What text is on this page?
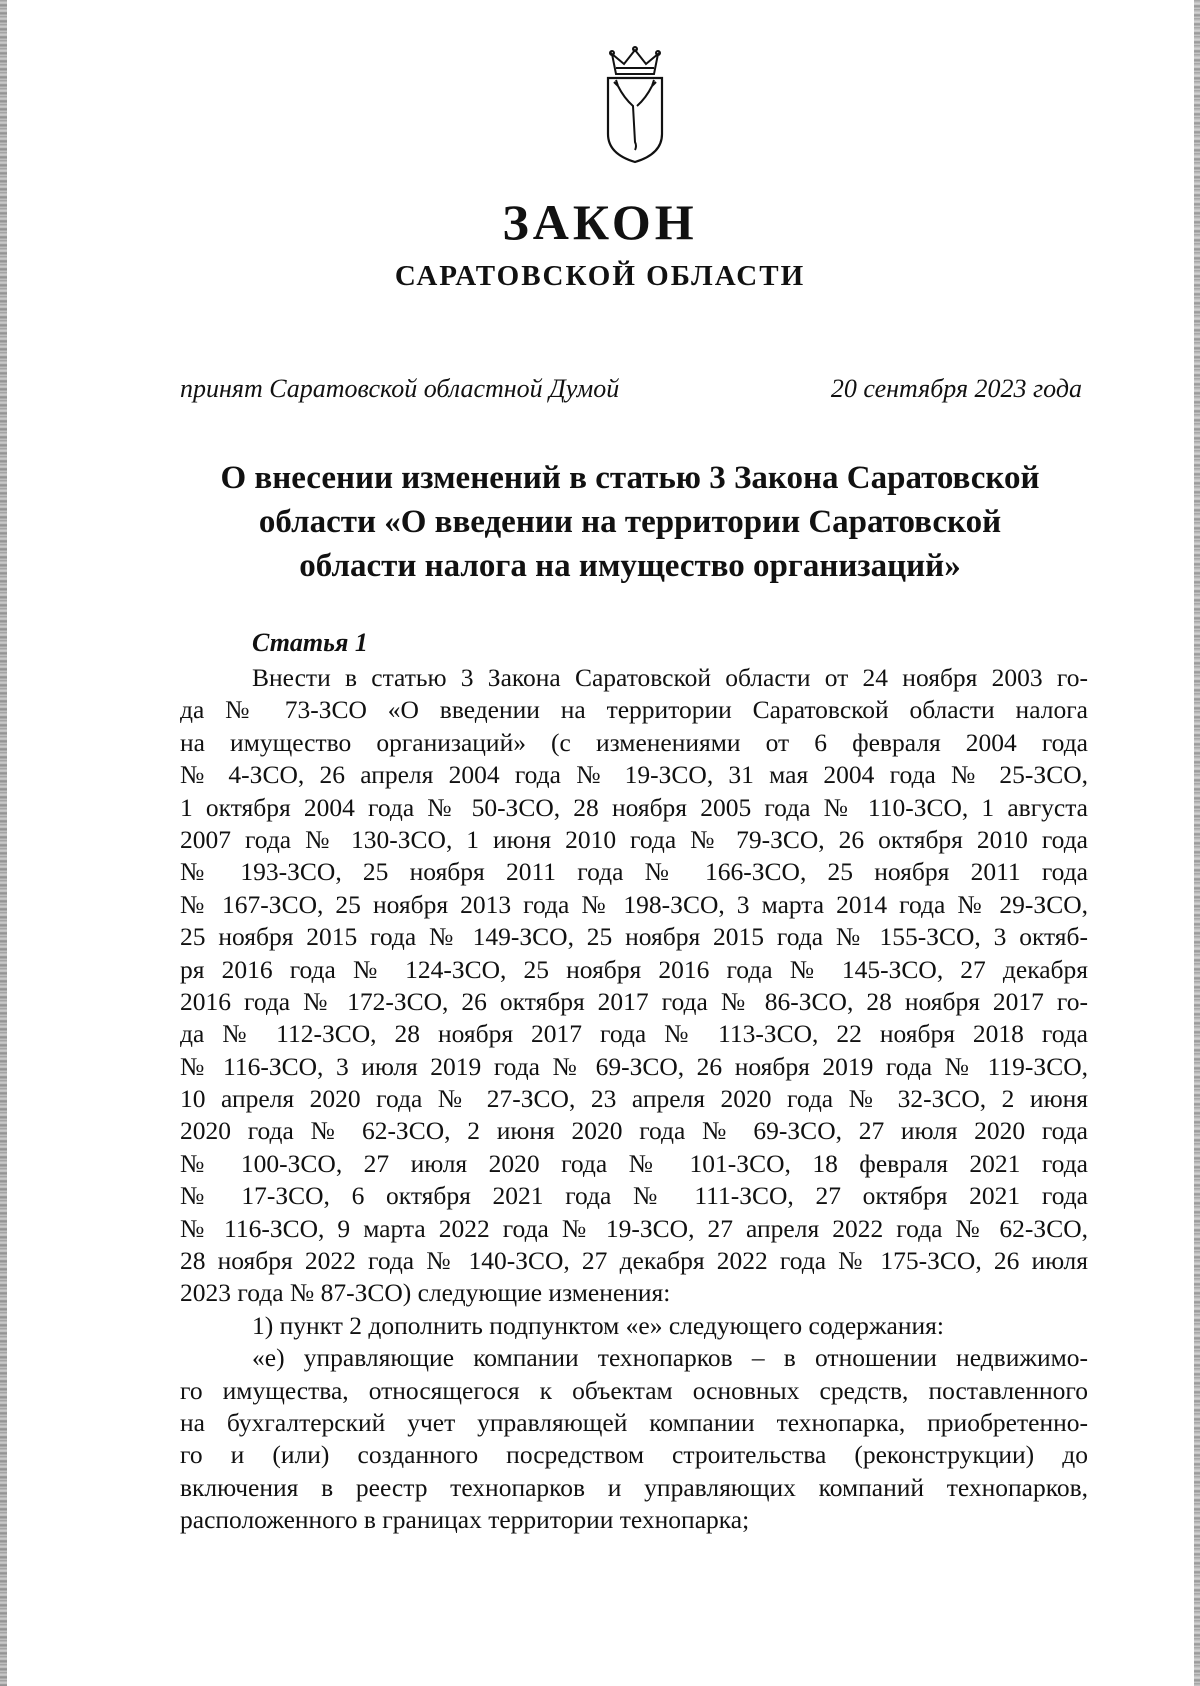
ЗАКОН
САРАТОВСКОЙ ОБЛАСТИ
принят Саратовской областной Думой	20 сентября 2023 года
О внесении изменений в статью 3 Закона Саратовской
области «О введении на территории Саратовской
области налога на имущество организаций»
Статья 1
Внести в статью 3 Закона Саратовской области от 24 ноября 2003 го-
да № 73-ЗСО «О введении на территории Саратовской области налога
на имущество организаций» (с изменениями от 6 февраля 2004 года
№ 4-ЗСО, 26 апреля 2004 года № 19-ЗСО, 31 мая 2004 года № 25-ЗСО,
1 октября 2004 года № 50-ЗСО, 28 ноября 2005 года № 110-ЗСО, 1 августа
2007 года № 130-ЗСО, 1 июня 2010 года № 79-ЗСО, 26 октября 2010 года
№ 193-ЗСО, 25 ноября 2011 года № 166-ЗСО, 25 ноября 2011 года
№ 167-ЗСО, 25 ноября 2013 года № 198-ЗСО, 3 марта 2014 года № 29-ЗСО,
25 ноября 2015 года № 149-ЗСО, 25 ноября 2015 года № 155-ЗСО, 3 октяб-
ря 2016 года № 124-ЗСО, 25 ноября 2016 года № 145-ЗСО, 27 декабря
2016 года № 172-ЗСО, 26 октября 2017 года № 86-ЗСО, 28 ноября 2017 го-
да № 112-ЗСО, 28 ноября 2017 года № 113-ЗСО, 22 ноября 2018 года
№ 116-ЗСО, 3 июля 2019 года № 69-ЗСО, 26 ноября 2019 года № 119-ЗСО,
10 апреля 2020 года № 27-ЗСО, 23 апреля 2020 года № 32-ЗСО, 2 июня
2020 года № 62-ЗСО, 2 июня 2020 года № 69-ЗСО, 27 июля 2020 года
№ 100-ЗСО, 27 июля 2020 года № 101-ЗСО, 18 февраля 2021 года
№ 17-ЗСО, 6 октября 2021 года № 111-ЗСО, 27 октября 2021 года
№ 116-ЗСО, 9 марта 2022 года № 19-ЗСО, 27 апреля 2022 года № 62-ЗСО,
28 ноября 2022 года № 140-ЗСО, 27 декабря 2022 года № 175-ЗСО, 26 июля
2023 года № 87-ЗСО) следующие изменения:
1) пункт 2 дополнить подпунктом «е» следующего содержания:
«е) управляющие компании технопарков – в отношении недвижимо-
го имущества, относящегося к объектам основных средств, поставленного
на бухгалтерский учет управляющей компании технопарка, приобретенно-
го и (или) созданного посредством строительства (реконструкции) до
включения в реестр технопарков и управляющих компаний технопарков,
расположенного в границах территории технопарка;
